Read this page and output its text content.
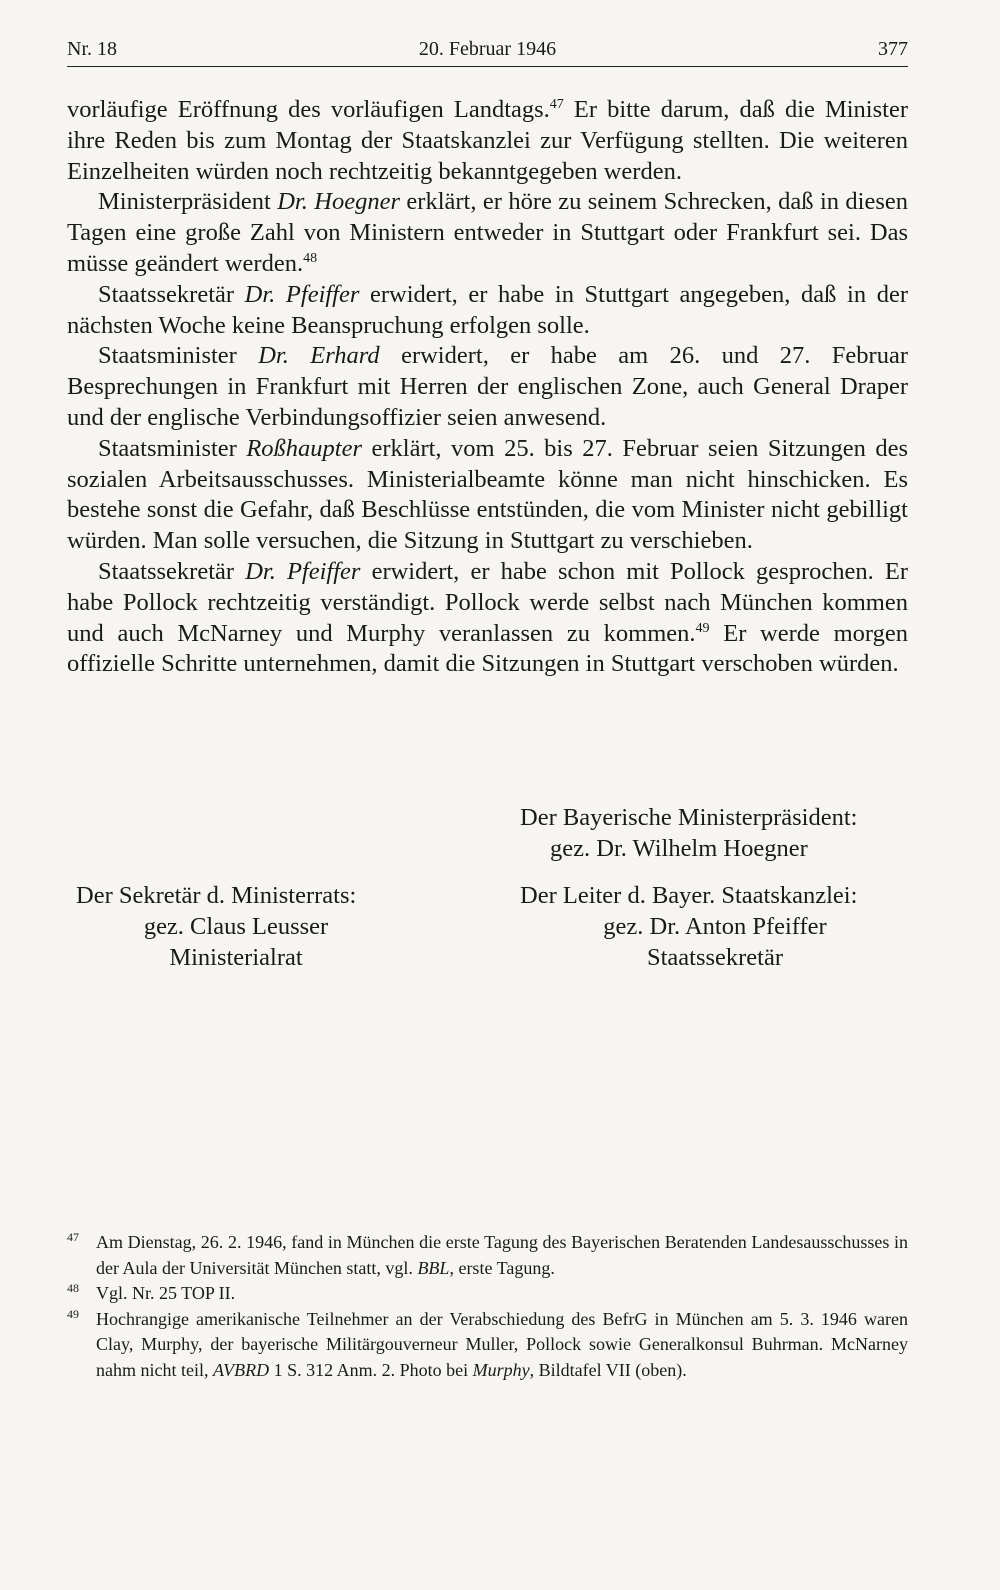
Nr. 18	20. Februar 1946	377

vorläufige Eröffnung des vorläufigen Landtags.$^{47}$ Er bitte darum, daß die Minister ihre Reden bis zum Montag der Staatskanzlei zur Verfügung stellten. Die weiteren Einzelheiten würden noch rechtzeitig bekanntgegeben werden.

Ministerpräsident Dr. Hoegner erklärt, er höre zu seinem Schrecken, daß in diesen Tagen eine große Zahl von Ministern entweder in Stuttgart oder Frankfurt sei. Das müsse geändert werden.$^{48}$

Staatssekretär Dr. Pfeiffer erwidert, er habe in Stuttgart angegeben, daß in der nächsten Woche keine Beanspruchung erfolgen solle.

Staatsminister Dr. Erhard erwidert, er habe am 26. und 27. Februar Besprechungen in Frankfurt mit Herren der englischen Zone, auch General Draper und der englische Verbindungsoffizier seien anwesend.

Staatsminister Roßhaupter erklärt, vom 25. bis 27. Februar seien Sitzungen des sozialen Arbeitsausschusses. Ministerialbeamte könne man nicht hinschicken. Es bestehe sonst die Gefahr, daß Beschlüsse entstünden, die vom Minister nicht gebilligt würden. Man solle versuchen, die Sitzung in Stuttgart zu verschieben.

Staatssekretär Dr. Pfeiffer erwidert, er habe schon mit Pollock gesprochen. Er habe Pollock rechtzeitig verständigt. Pollock werde selbst nach München kommen und auch McNarney und Murphy veranlassen zu kommen.$^{49}$ Er werde morgen offizielle Schritte unternehmen, damit die Sitzungen in Stuttgart verschoben würden.

Der Bayerische Ministerpräsident:
gez. Dr. Wilhelm Hoegner
Der Sekretär d. Ministerrats:
gez. Claus Leusser
Ministerialrat
Der Leiter d. Bayer. Staatskanzlei:
gez. Dr. Anton Pfeiffer
Staatssekretär
47 Am Dienstag, 26. 2. 1946, fand in München die erste Tagung des Bayerischen Beratenden Landesausschusses in der Aula der Universität München statt, vgl. BBL, erste Tagung.
48 Vgl. Nr. 25 TOP II.
49 Hochrangige amerikanische Teilnehmer an der Verabschiedung des BefrG in München am 5. 3. 1946 waren Clay, Murphy, der bayerische Militärgouverneur Muller, Pollock sowie Generalkonsul Buhrman. McNarney nahm nicht teil, AVBRD 1 S. 312 Anm. 2. Photo bei Murphy, Bildtafel VII (oben).
